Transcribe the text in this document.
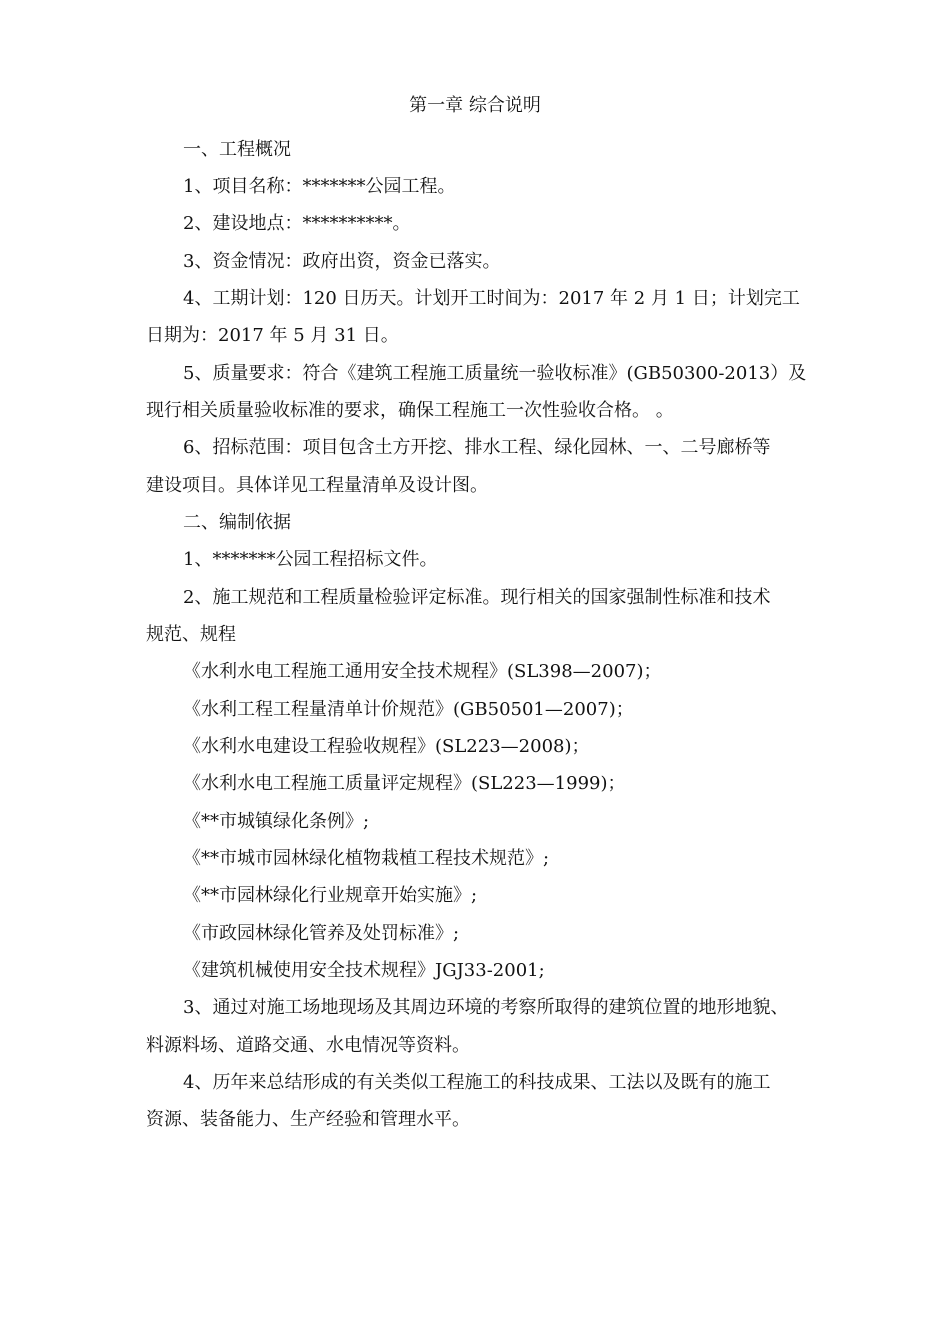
第一章 综合说明
一、工程概况
1、项目名称：*******公园工程。
2、建设地点：**********。
3、资金情况：政府出资，资金已落实。
4、工期计划：120 日历天。计划开工时间为：2017 年 2 月 1 日；计划完工
日期为：2017 年 5 月 31 日。
5、质量要求：符合《建筑工程施工质量统一验收标准》(GB50300-2013）及
现行相关质量验收标准的要求，确保工程施工一次性验收合格。 。
6、招标范围：项目包含土方开挖、排水工程、绿化园林、一、二号廊桥等
建设项目。具体详见工程量清单及设计图。
二、编制依据
1、*******公园工程招标文件。
2、施工规范和工程质量检验评定标准。现行相关的国家强制性标准和技术
规范、规程
《水利水电工程施工通用安全技术规程》(SL398—2007)；
《水利工程工程量清单计价规范》(GB50501—2007)；
《水利水电建设工程验收规程》(SL223—2008)；
《水利水电工程施工质量评定规程》(SL223—1999)；
《**市城镇绿化条例》;
《**市城市园林绿化植物栽植工程技术规范》;
《**市园林绿化行业规章开始实施》;
《市政园林绿化管养及处罚标准》;
《建筑机械使用安全技术规程》JGJ33-2001;
3、通过对施工场地现场及其周边环境的考察所取得的建筑位置的地形地貌、
料源料场、道路交通、水电情况等资料。
4、历年来总结形成的有关类似工程施工的科技成果、工法以及既有的施工
资源、装备能力、生产经验和管理水平。
